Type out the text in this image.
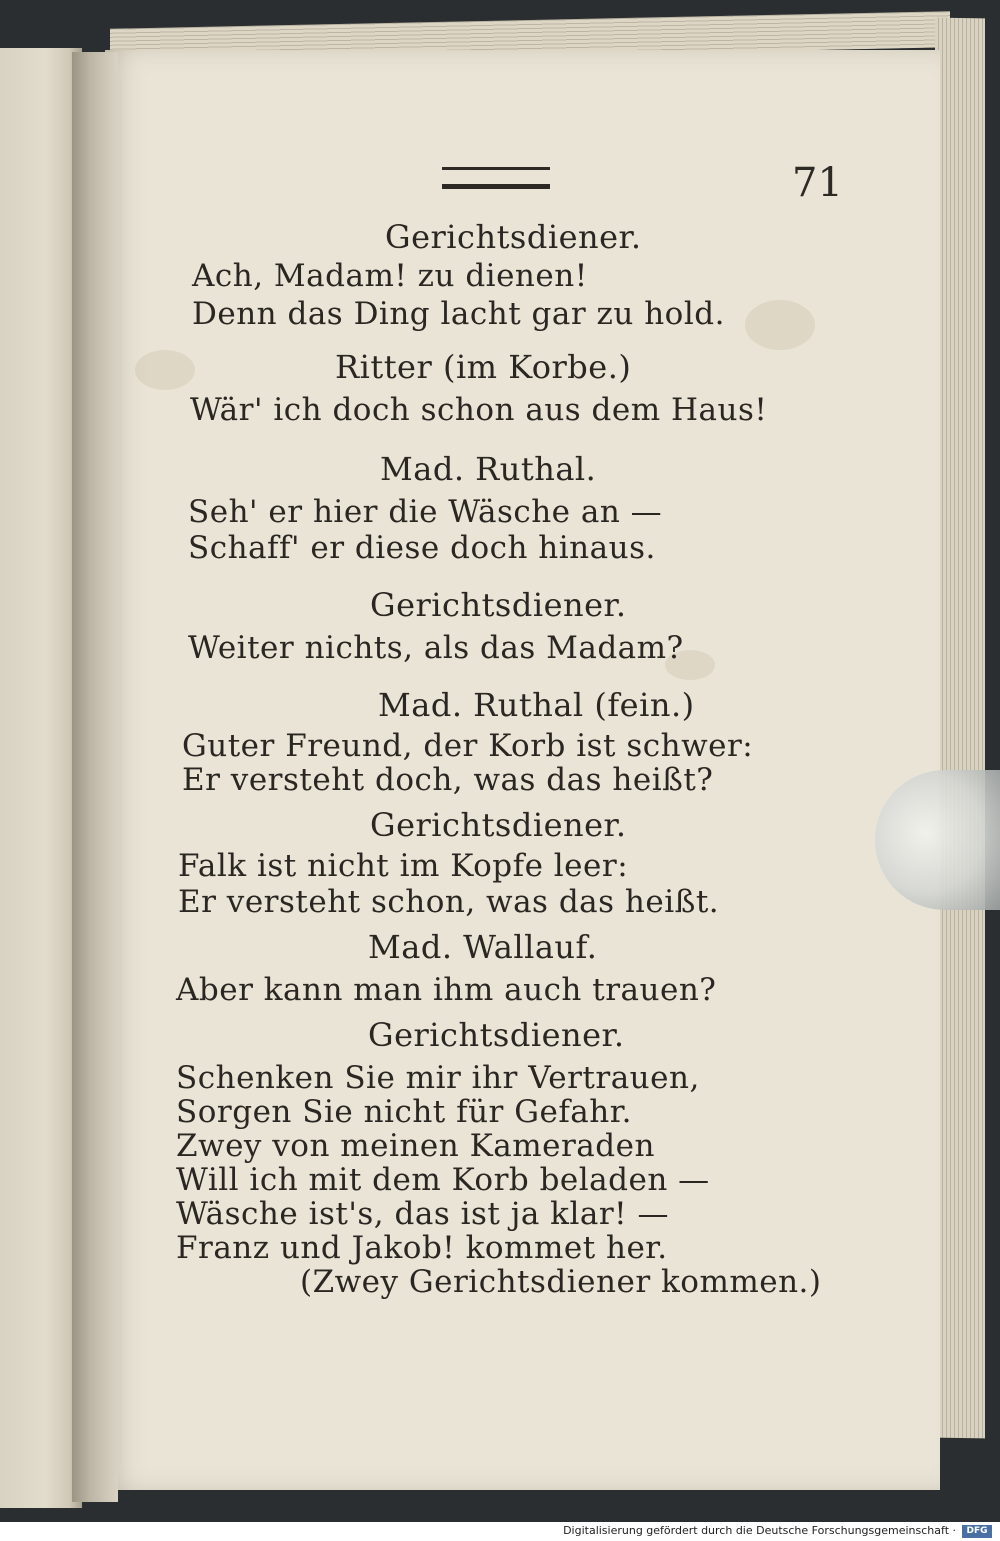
71
Gerichtsdiener.
Ach, Madam! zu dienen!
Denn das Ding lacht gar zu hold.
Ritter (im Korbe.)
Wär' ich doch schon aus dem Haus!
Mad. Ruthal.
Seh' er hier die Wäsche an —
Schaff' er diese doch hinaus.
Gerichtsdiener.
Weiter nichts, als das Madam?
Mad. Ruthal (fein.)
Guter Freund, der Korb ist schwer:
Er versteht doch, was das heißt?
Gerichtsdiener.
Falk ist nicht im Kopfe leer:
Er versteht schon, was das heißt.
Mad. Wallauf.
Aber kann man ihm auch trauen?
Gerichtsdiener.
Schenken Sie mir ihr Vertrauen,
Sorgen Sie nicht für Gefahr.
Zwey von meinen Kameraden
Will ich mit dem Korb beladen —
Wäsche ist's, das ist ja klar! —
Franz und Jakob! kommet her.
(Zwey Gerichtsdiener kommen.)
Digitalisierung gefördert durch die Deutsche Forschungsgemeinschaft ·	DFG
